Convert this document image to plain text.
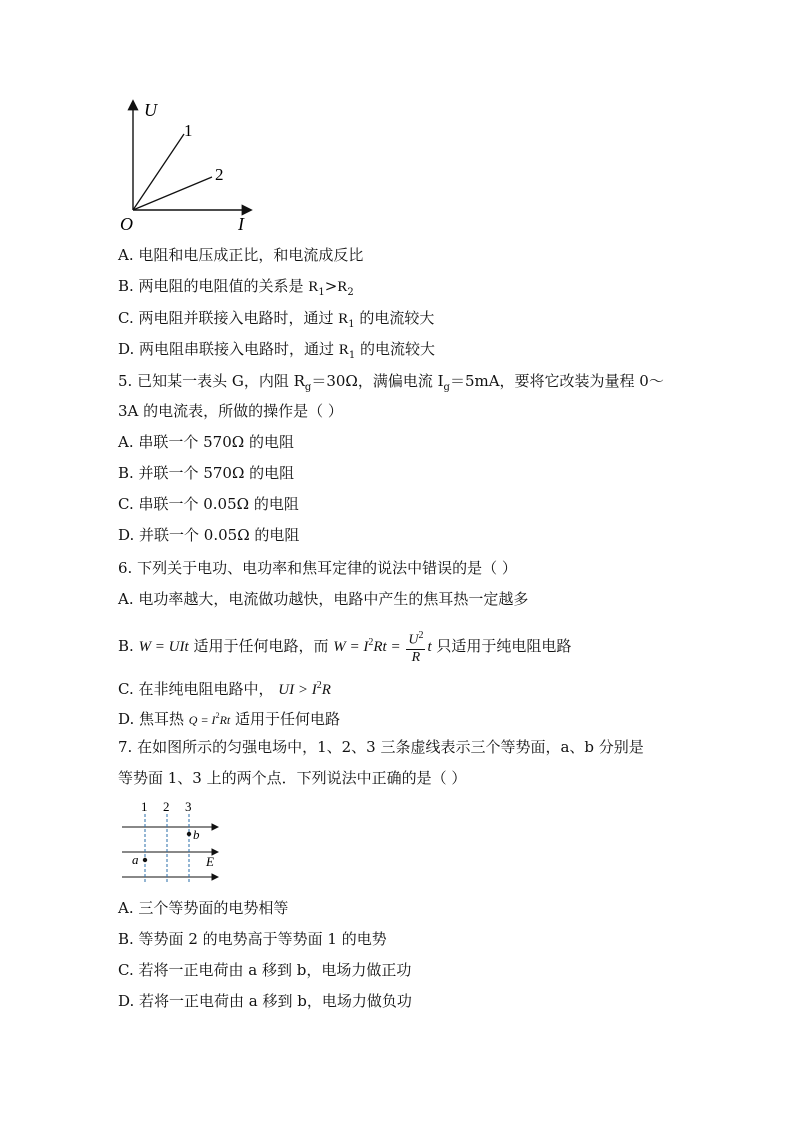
U
I
O
1
2
A. 电阻和电压成正比，和电流成反比
B. 两电阻的电阻值的关系是 $R_1>R_2$
C. 两电阻并联接入电路时，通过 $R_1$ 的电流较大
D. 两电阻串联接入电路时，通过 $R_1$ 的电流较大
5. 已知某一表头 G，内阻 $R_g=30\Omega$，满偏电流 $I_g=5mA$，要将它改装为量程 0～
3A 的电流表，所做的操作是（ ）
A. 串联一个 570Ω 的电阻
B. 并联一个 570Ω 的电阻
C. 串联一个 0.05Ω 的电阻
D. 并联一个 0.05Ω 的电阻
6. 下列关于电功、电功率和焦耳定律的说法中错误的是（ ）
A. 电功率越大，电流做功越快，电路中产生的焦耳热一定越多
B. W = UIt 适用于任何电路，而 $W = I^2Rt = \frac{U^2}{R}$ t 只适用于纯电阻电路
C. 在非纯电阻电路中， UI > $I^2R$
D. 焦耳热 $Q = I^2Rt$ 适用于任何电路
7. 在如图所示的匀强电场中，1、2、3 三条虚线表示三个等势面，a、b 分别是
等势面 1、3 上的两个点．下列说法中正确的是（ ）
1 2 3
b
a	E
A. 三个等势面的电势相等
B. 等势面 2 的电势高于等势面 1 的电势
C. 若将一正电荷由 a 移到 b，电场力做正功
D. 若将一正电荷由 a 移到 b，电场力做负功
